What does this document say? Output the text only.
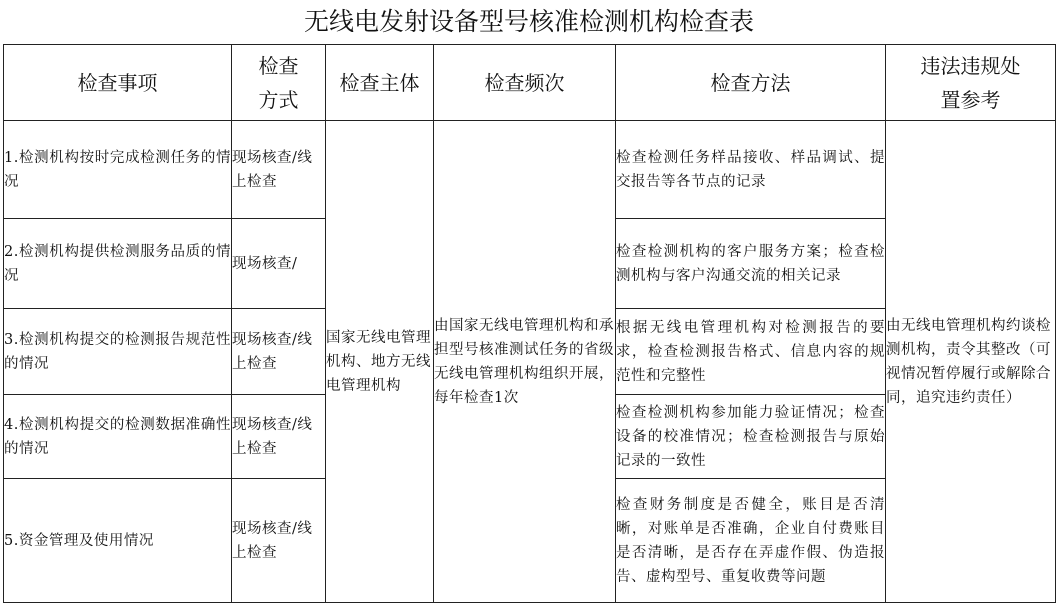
无线电发射设备型号核准检测机构检查表
检查事项	检查方式	检查主体	检查频次	检查方法	违法违规处置参考

1.检测机构按时完成检测任务的情况	现场核查/线上检查	国家无线电管理机构、地方无线电管理机构	由国家无线电管理机构和承担型号核准测试任务的省级无线电管理机构组织开展，每年检查1次	检查检测任务样品接收、样品调试、提交报告等各节点的记录	由无线电管理机构约谈检测机构，责令其整改（可视情况暂停履行或解除合同，追究违约责任）

2.检测机构提供检测服务品质的情况	现场核查/			检查检测机构的客户服务方案；检查检测机构与客户沟通交流的相关记录	

3.检测机构提交的检测报告规范性的情况	现场核查/线上检查			根据无线电管理机构对检测报告的要求，检查检测报告格式、信息内容的规范性和完整性	

4.检测机构提交的检测数据准确性的情况	现场核查/线上检查			检查检测机构参加能力验证情况；检查设备的校准情况；检查检测报告与原始记录的一致性	

5.资金管理及使用情况	现场核查/线上检查			检查财务制度是否健全，账目是否清晰，对账单是否准确，企业自付费账目是否清晰，是否存在弄虚作假、伪造报告、虚构型号、重复收费等问题	
